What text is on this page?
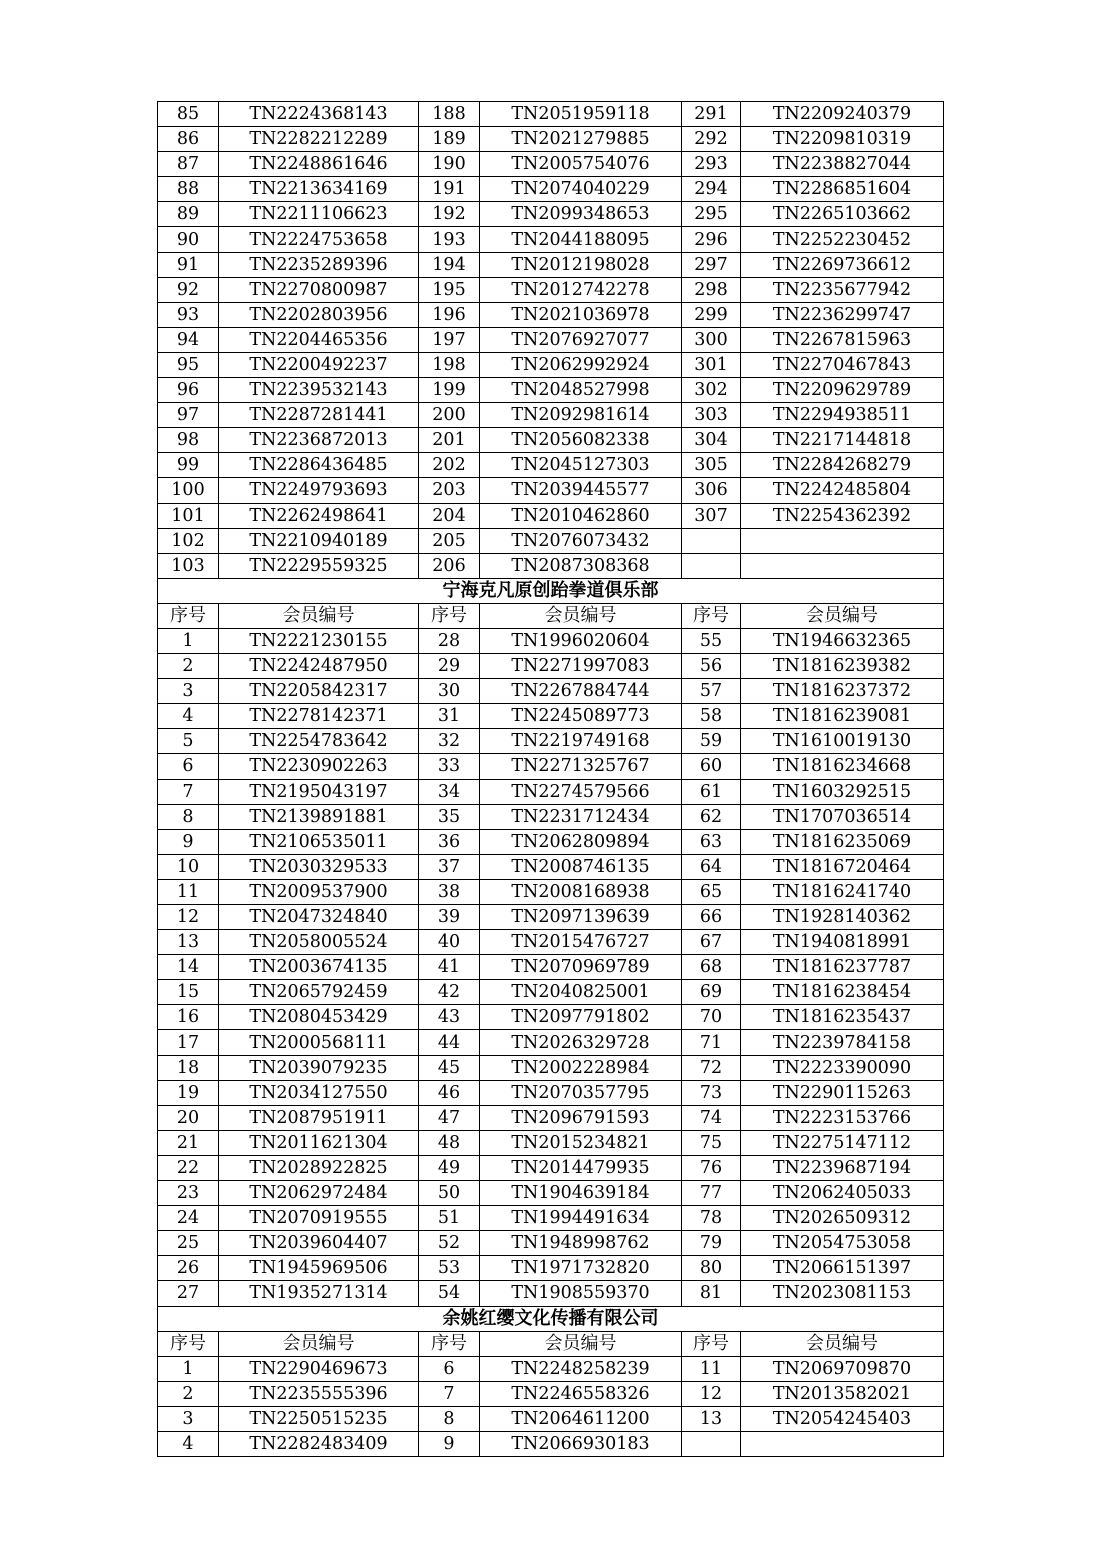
85	TN2224368143	188	TN2051959118	291	TN2209240379
86	TN2282212289	189	TN2021279885	292	TN2209810319
87	TN2248861646	190	TN2005754076	293	TN2238827044
88	TN2213634169	191	TN2074040229	294	TN2286851604
89	TN2211106623	192	TN2099348653	295	TN2265103662
90	TN2224753658	193	TN2044188095	296	TN2252230452
91	TN2235289396	194	TN2012198028	297	TN2269736612
92	TN2270800987	195	TN2012742278	298	TN2235677942
93	TN2202803956	196	TN2021036978	299	TN2236299747
94	TN2204465356	197	TN2076927077	300	TN2267815963
95	TN2200492237	198	TN2062992924	301	TN2270467843
96	TN2239532143	199	TN2048527998	302	TN2209629789
97	TN2287281441	200	TN2092981614	303	TN2294938511
98	TN2236872013	201	TN2056082338	304	TN2217144818
99	TN2286436485	202	TN2045127303	305	TN2284268279
100	TN2249793693	203	TN2039445577	306	TN2242485804
101	TN2262498641	204	TN2010462860	307	TN2254362392
102	TN2210940189	205	TN2076073432		
103	TN2229559325	206	TN2087308368		
宁海克凡原创跆拳道俱乐部					
序号	会员编号	序号	会员编号	序号	会员编号
1	TN2221230155	28	TN1996020604	55	TN1946632365
2	TN2242487950	29	TN2271997083	56	TN1816239382
3	TN2205842317	30	TN2267884744	57	TN1816237372
4	TN2278142371	31	TN2245089773	58	TN1816239081
5	TN2254783642	32	TN2219749168	59	TN1610019130
6	TN2230902263	33	TN2271325767	60	TN1816234668
7	TN2195043197	34	TN2274579566	61	TN1603292515
8	TN2139891881	35	TN2231712434	62	TN1707036514
9	TN2106535011	36	TN2062809894	63	TN1816235069
10	TN2030329533	37	TN2008746135	64	TN1816720464
11	TN2009537900	38	TN2008168938	65	TN1816241740
12	TN2047324840	39	TN2097139639	66	TN1928140362
13	TN2058005524	40	TN2015476727	67	TN1940818991
14	TN2003674135	41	TN2070969789	68	TN1816237787
15	TN2065792459	42	TN2040825001	69	TN1816238454
16	TN2080453429	43	TN2097791802	70	TN1816235437
17	TN2000568111	44	TN2026329728	71	TN2239784158
18	TN2039079235	45	TN2002228984	72	TN2223390090
19	TN2034127550	46	TN2070357795	73	TN2290115263
20	TN2087951911	47	TN2096791593	74	TN2223153766
21	TN2011621304	48	TN2015234821	75	TN2275147112
22	TN2028922825	49	TN2014479935	76	TN2239687194
23	TN2062972484	50	TN1904639184	77	TN2062405033
24	TN2070919555	51	TN1994491634	78	TN2026509312
25	TN2039604407	52	TN1948998762	79	TN2054753058
26	TN1945969506	53	TN1971732820	80	TN2066151397
27	TN1935271314	54	TN1908559370	81	TN2023081153
余姚红缨文化传播有限公司					
序号	会员编号	序号	会员编号	序号	会员编号
1	TN2290469673	6	TN2248258239	11	TN2069709870
2	TN2235555396	7	TN2246558326	12	TN2013582021
3	TN2250515235	8	TN2064611200	13	TN2054245403
4	TN2282483409	9	TN2066930183		
